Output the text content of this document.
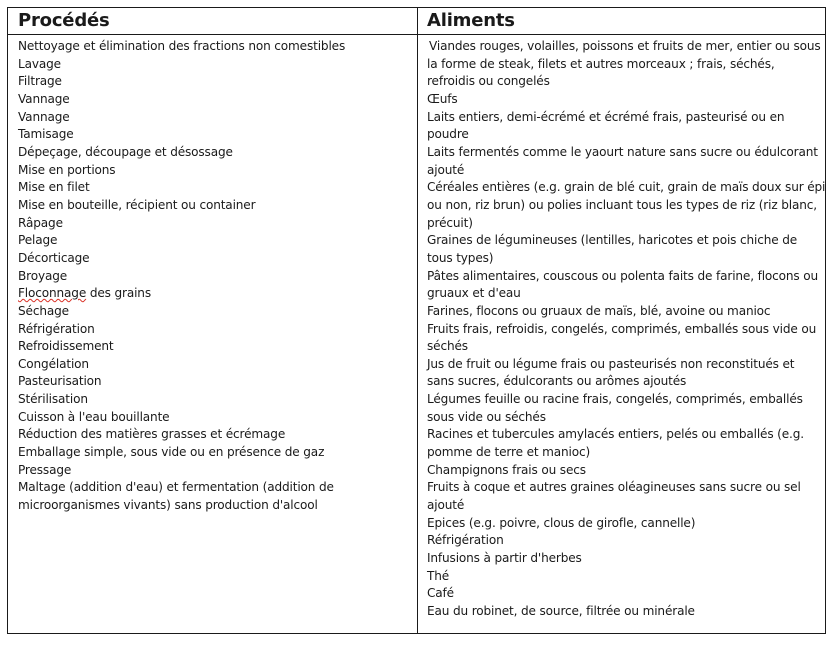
Procédés	Aliments
Nettoyage et élimination des fractions non comestibles
Lavage
Filtrage
Vannage
Vannage
Tamisage
Dépeçage, découpage et désossage
Mise en portions
Mise en filet
Mise en bouteille, récipient ou container
Râpage
Pelage
Décorticage
Broyage
Floconnage des grains
Séchage
Réfrigération
Refroidissement
Congélation
Pasteurisation
Stérilisation
Cuisson à l'eau bouillante
Réduction des matières grasses et écrémage
Emballage simple, sous vide ou en présence de gaz
Pressage
Maltage (addition d'eau) et fermentation (addition de
microorganismes vivants) sans production d'alcool
Viandes rouges, volailles, poissons et fruits de mer, entier ou sous
la forme de steak, filets et autres morceaux ; frais, séchés,
refroidis ou congelés
Œufs
Laits entiers, demi-écrémé et écrémé frais, pasteurisé ou en
poudre
Laits fermentés comme le yaourt nature sans sucre ou édulcorant
ajouté
Céréales entières (e.g. grain de blé cuit, grain de maïs doux sur épi
ou non, riz brun) ou polies incluant tous les types de riz (riz blanc,
précuit)
Graines de légumineuses (lentilles, haricotes et pois chiche de
tous types)
Pâtes alimentaires, couscous ou polenta faits de farine, flocons ou
gruaux et d'eau
Farines, flocons ou gruaux de maïs, blé, avoine ou manioc
Fruits frais, refroidis, congelés, comprimés, emballés sous vide ou
séchés
Jus de fruit ou légume frais ou pasteurisés non reconstitués et
sans sucres, édulcorants ou arômes ajoutés
Légumes feuille ou racine frais, congelés, comprimés, emballés
sous vide ou séchés
Racines et tubercules amylacés entiers, pelés ou emballés (e.g.
pomme de terre et manioc)
Champignons frais ou secs
Fruits à coque et autres graines oléagineuses sans sucre ou sel
ajouté
Epices (e.g. poivre, clous de girofle, cannelle)
Réfrigération
Infusions à partir d'herbes
Thé
Café
Eau du robinet, de source, filtrée ou minérale
